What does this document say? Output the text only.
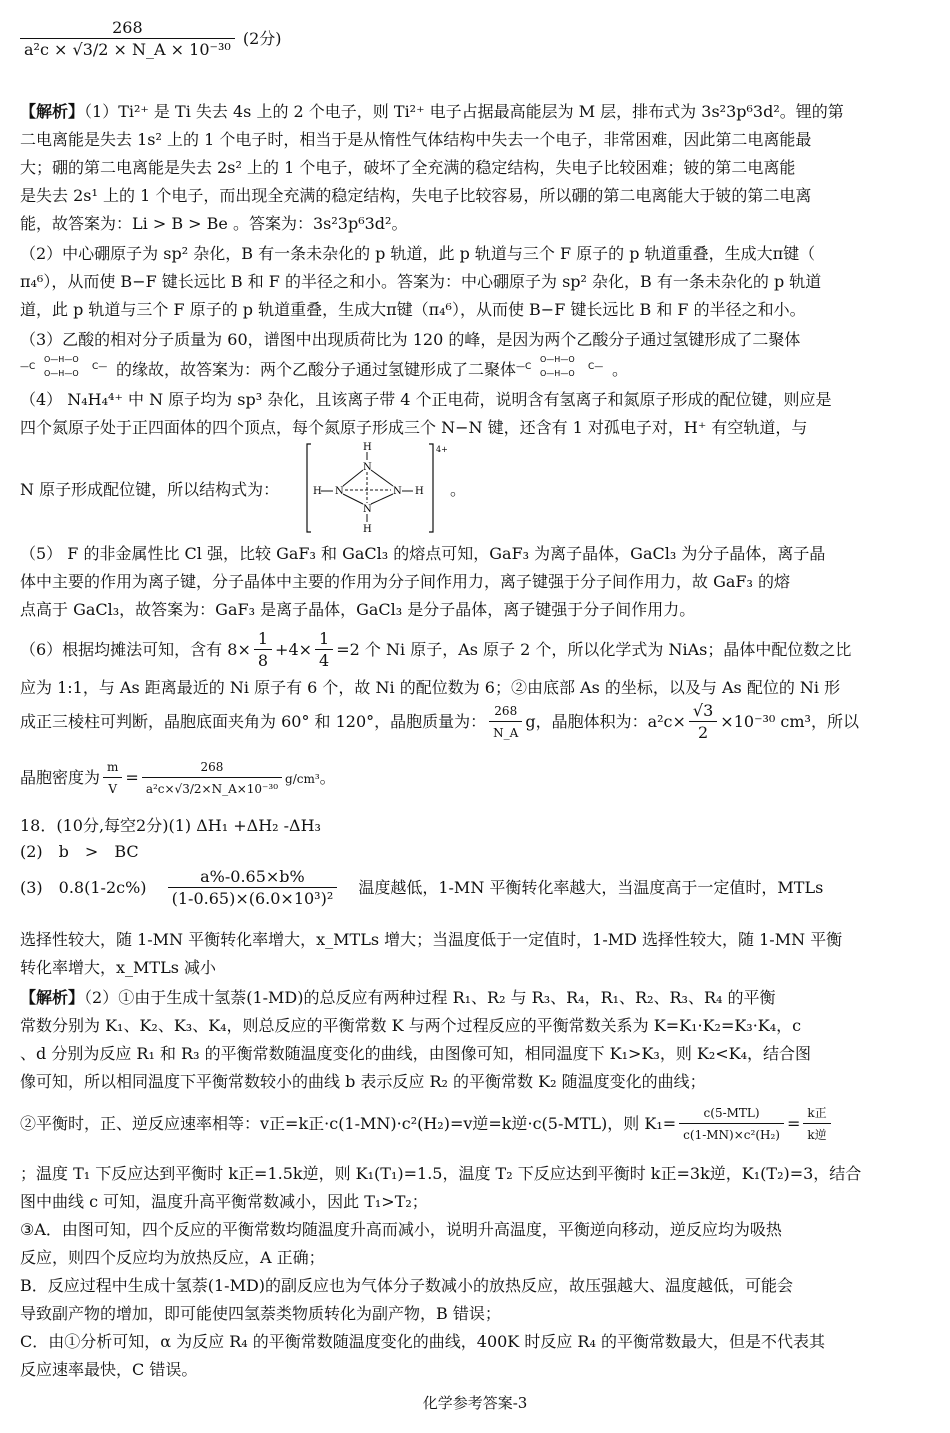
$\frac{268}{\text{a²c × √3/2 × N\_A × 10⁻³⁰}} (2$分)
【解析】（1）Ti²⁺ 是 Ti 失去 4s 上的 2 个电子，则 Ti²⁺ 电子占据最高能层为 M 层，排布式为 3s²3p⁶3d²。锂的第
二电离能是失去 1s² 上的 1 个电子时，相当于是从惰性气体结构中失去一个电子，非常困难，因此第二电离能最
大；硼的第二电离能是失去 2s² 上的 1 个电子，破坏了全充满的稳定结构，失电子比较困难；铍的第二电离能
是失去 2s¹ 上的 1 个电子，而出现全充满的稳定结构，失电子比较容易，所以硼的第二电离能大于铍的第二电离
能，故答案为：Li > B > Be 。答案为：3s²3p⁶3d²。
（2）中心硼原子为 sp² 杂化，B 有一条未杂化的 p 轨道，此 p 轨道与三个 F 原子的 p 轨道重叠，生成大π键（
π₄⁶），从而使 B−F 键长远比 B 和 F 的半径之和小。答案为：中心硼原子为 sp² 杂化，B 有一条未杂化的 p 轨道
道，此 p 轨道与三个 F 原子的 p 轨道重叠，生成大π键（π₄⁶），从而使 B−F 键长远比 B 和 F 的半径之和小。
（3）乙酸的相对分子质量为 60，谱图中出现质荷比为 120 的峰，是因为两个乙酸分子通过氢键形成了二聚体
—C
O—H—O
O—H—O
C— 的缘故，故答案为：两个乙酸分子通过氢键形成了二聚体 —C
O—H—O
O—H—O
C— 。
（4） N₄H₄⁴⁺ 中 N 原子均为 sp³ 杂化，且该离子带 4 个正电荷，说明含有氢离子和氮原子形成的配位键，则应是
四个氮原子处于正四面体的四个顶点，每个氮原子形成三个 N−N 键，还含有 1 对孤电子对，H⁺ 有空轨道，与
N 原子形成配位键，所以结构式为：	。
4+
H
N
H N	N H
N
H
（5） F 的非金属性比 Cl 强，比较 GaF₃ 和 GaCl₃ 的熔点可知，GaF₃ 为离子晶体，GaCl₃ 为分子晶体，离子晶
体中主要的作用为离子键，分子晶体中主要的作用为分子间作用力，离子键强于分子间作用力，故 GaF₃ 的熔
点高于 GaCl₃，故答案为：GaF₃ 是离子晶体，GaCl₃ 是分子晶体，离子键强于分子间作用力。
（6）根据均摊法可知，含有 $8\times \frac{1}{8} +4\times \frac{1}{4} =2$ 个 Ni 原子，As 原子 2 个，所以化学式为 NiAs；晶体中配位数之比
应为 1:1，与 As 距离最近的 Ni 原子有 6 个，故 Ni 的配位数为 6；②由底部 As 的坐标，以及与 As 配位的 Ni 形
成正三棱柱可判断，晶胞底面夹角为 60° 和 120°，晶胞质量为： $\frac{268}{N\_A}$ g，晶胞体积为：$a^2c\times \frac{√3}{2} \times 10^{-30}$ cm³，所以
晶胞密度为 $\frac{m}{V} = \frac{268}{\text{a²c×√3/2×N\_A×10⁻³⁰}} g/cm^3$。
18．(10分,每空2分)(1) ΔH₁ +ΔH₂ -ΔH₃
(2)　b　>　BC
(3)　$0.8(1-2c\%) \frac{a\%-0.65\times b\%}{\text{(1-0.65)×(6.0×10³)²}}$ 温度越低，1-MN 平衡转化率越大，当温度高于一定值时，MTLs
选择性较大，随 1-MN 平衡转化率增大，x_MTLs 增大；当温度低于一定值时，1-MD 选择性较大，随 1-MN 平衡
转化率增大，x_MTLs 减小
【解析】（2）①由于生成十氢萘(1-MD)的总反应有两种过程 R₁、R₂ 与 R₃、R₄，R₁、R₂、R₃、R₄ 的平衡
常数分别为 K₁、K₂、K₃、K₄，则总反应的平衡常数 K 与两个过程反应的平衡常数关系为 K=K₁·K₂=K₃·K₄，c
、d 分别为反应 R₁ 和 R₃ 的平衡常数随温度变化的曲线，由图像可知，相同温度下 K₁>K₃，则 K₂<K₄，结合图
像可知，所以相同温度下平衡常数较小的曲线 b 表示反应 R₂ 的平衡常数 K₂ 随温度变化的曲线；
②平衡时，正、逆反应速率相等：v正=k正·c(1-MN)·c²(H₂)=v逆=k逆·c(5-MTL)，则 $K_1= \frac{\text{c(5-MTL)}}{\text{c(1-MN)×c²(H₂)}} = \frac{\text{k正}}{\text{k逆}}$
；温度 T₁ 下反应达到平衡时 k正=1.5k逆，则 K₁(T₁)=1.5，温度 T₂ 下反应达到平衡时 k正=3k逆，K₁(T₂)=3，结合
图中曲线 c 可知，温度升高平衡常数减小，因此 T₁>T₂；
③A．由图可知，四个反应的平衡常数均随温度升高而减小，说明升高温度，平衡逆向移动，逆反应均为吸热
反应，则四个反应均为放热反应，A 正确；
B．反应过程中生成十氢萘(1-MD)的副反应也为气体分子数减小的放热反应，故压强越大、温度越低，可能会
导致副产物的增加，即可能使四氢萘类物质转化为副产物，B 错误；
C．由①分析可知，α 为反应 R₄ 的平衡常数随温度变化的曲线，400K 时反应 R₄ 的平衡常数最大，但是不代表其
反应速率最快，C 错误。
化学参考答案-3
